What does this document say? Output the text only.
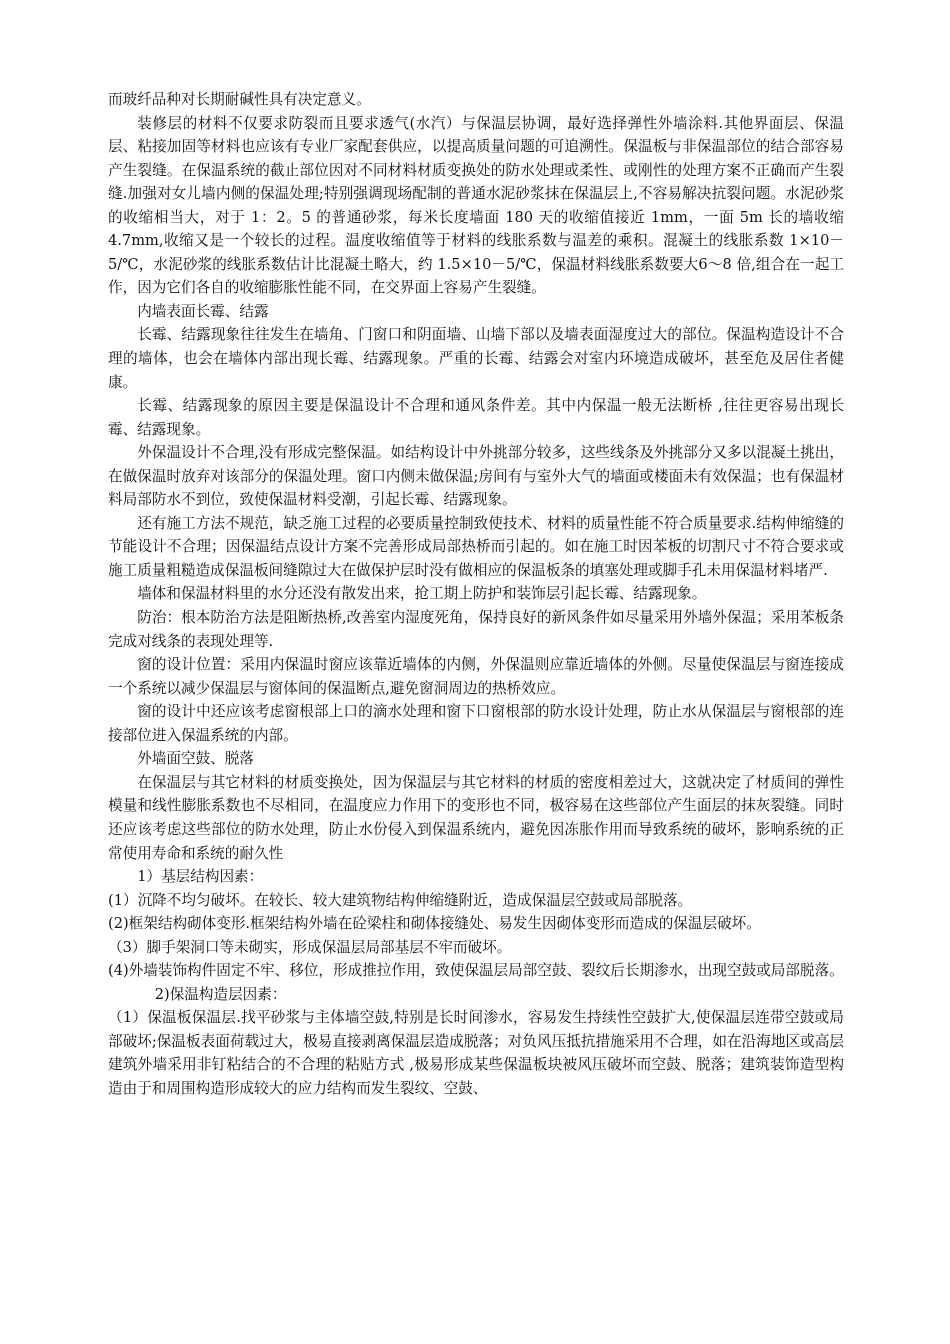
而玻纤品种对长期耐碱性具有决定意义。

装修层的材料不仅要求防裂而且要求透气(水汽）与保温层协调，最好选择弹性外墙涂料.其他界面层、保温层、粘接加固等材料也应该有专业厂家配套供应，以提高质量问题的可追溯性。保温板与非保温部位的结合部容易产生裂缝。在保温系统的截止部位因对不同材料材质变换处的防水处理或柔性、或刚性的处理方案不正确而产生裂缝.加强对女儿墙内侧的保温处理;特别强调现场配制的普通水泥砂浆抹在保温层上,不容易解决抗裂问题。水泥砂浆的收缩相当大，对于 1：2。5 的普通砂浆，每米长度墙面 180 天的收缩值接近 1mm，一面 5m 长的墙收缩 4.7mm,收缩又是一个较长的过程。温度收缩值等于材料的线胀系数与温差的乘积。混凝土的线胀系数 1×10－5/℃，水泥砂浆的线胀系数估计比混凝土略大，约 1.5×10－5/℃，保温材料线胀系数要大6～8 倍,组合在一起工作，因为它们各自的收缩膨胀性能不同，在交界面上容易产生裂缝。

内墙表面长霉、结露

长霉、结露现象往往发生在墙角、门窗口和阴面墙、山墙下部以及墙表面湿度过大的部位。保温构造设计不合理的墙体，也会在墙体内部出现长霉、结露现象。严重的长霉、结露会对室内环境造成破坏，甚至危及居住者健康。

长霉、结露现象的原因主要是保温设计不合理和通风条件差。其中内保温一般无法断桥 ,往往更容易出现长霉、结露现象。

外保温设计不合理,没有形成完整保温。如结构设计中外挑部分较多，这些线条及外挑部分又多以混凝土挑出，在做保温时放弃对该部分的保温处理。窗口内侧未做保温;房间有与室外大气的墙面或楼面未有效保温；也有保温材料局部防水不到位，致使保温材料受潮，引起长霉、结露现象。

还有施工方法不规范，缺乏施工过程的必要质量控制致使技术、材料的质量性能不符合质量要求.结构伸缩缝的节能设计不合理；因保温结点设计方案不完善形成局部热桥而引起的。如在施工时因苯板的切割尺寸不符合要求或施工质量粗糙造成保温板间缝隙过大在做保护层时没有做相应的保温板条的填塞处理或脚手孔未用保温材料堵严.

墙体和保温材料里的水分还没有散发出来，抢工期上防护和装饰层引起长霉、结露现象。

防治：根本防治方法是阻断热桥,改善室内湿度死角，保持良好的新风条件如尽量采用外墙外保温；采用苯板条完成对线条的表现处理等.

窗的设计位置：采用内保温时窗应该靠近墙体的内侧，外保温则应靠近墙体的外侧。尽量使保温层与窗连接成一个系统以减少保温层与窗体间的保温断点,避免窗洞周边的热桥效应。

窗的设计中还应该考虑窗根部上口的滴水处理和窗下口窗根部的防水设计处理，防止水从保温层与窗根部的连接部位进入保温系统的内部。

外墙面空鼓、脱落

在保温层与其它材料的材质变换处，因为保温层与其它材料的材质的密度相差过大，这就决定了材质间的弹性模量和线性膨胀系数也不尽相同，在温度应力作用下的变形也不同，极容易在这些部位产生面层的抹灰裂缝。同时还应该考虑这些部位的防水处理，防止水份侵入到保温系统内，避免因冻胀作用而导致系统的破坏，影响系统的正常使用寿命和系统的耐久性

1）基层结构因素：

(1）沉降不均匀破坏。在较长、较大建筑物结构伸缩缝附近，造成保温层空鼓或局部脱落。

(2)框架结构砌体变形.框架结构外墙在砼梁柱和砌体接缝处、易发生因砌体变形而造成的保温层破坏。

（3）脚手架洞口等未砌实，形成保温层局部基层不牢而破坏。

(4)外墙装饰构件固定不牢、移位，形成推拉作用，致使保温层局部空鼓、裂纹后长期渗水，出现空鼓或局部脱落。

2)保温构造层因素：

（1）保温板保温层.找平砂浆与主体墙空鼓,特别是长时间渗水，容易发生持续性空鼓扩大,使保温层连带空鼓或局部破坏;保温板表面荷载过大，极易直接剥离保温层造成脱落；对负风压抵抗措施采用不合理，如在沿海地区或高层建筑外墙采用非钉粘结合的不合理的粘贴方式 ,极易形成某些保温板块被风压破坏而空鼓、脱落；建筑装饰造型构造由于和周围构造形成较大的应力结构而发生裂纹、空鼓、
